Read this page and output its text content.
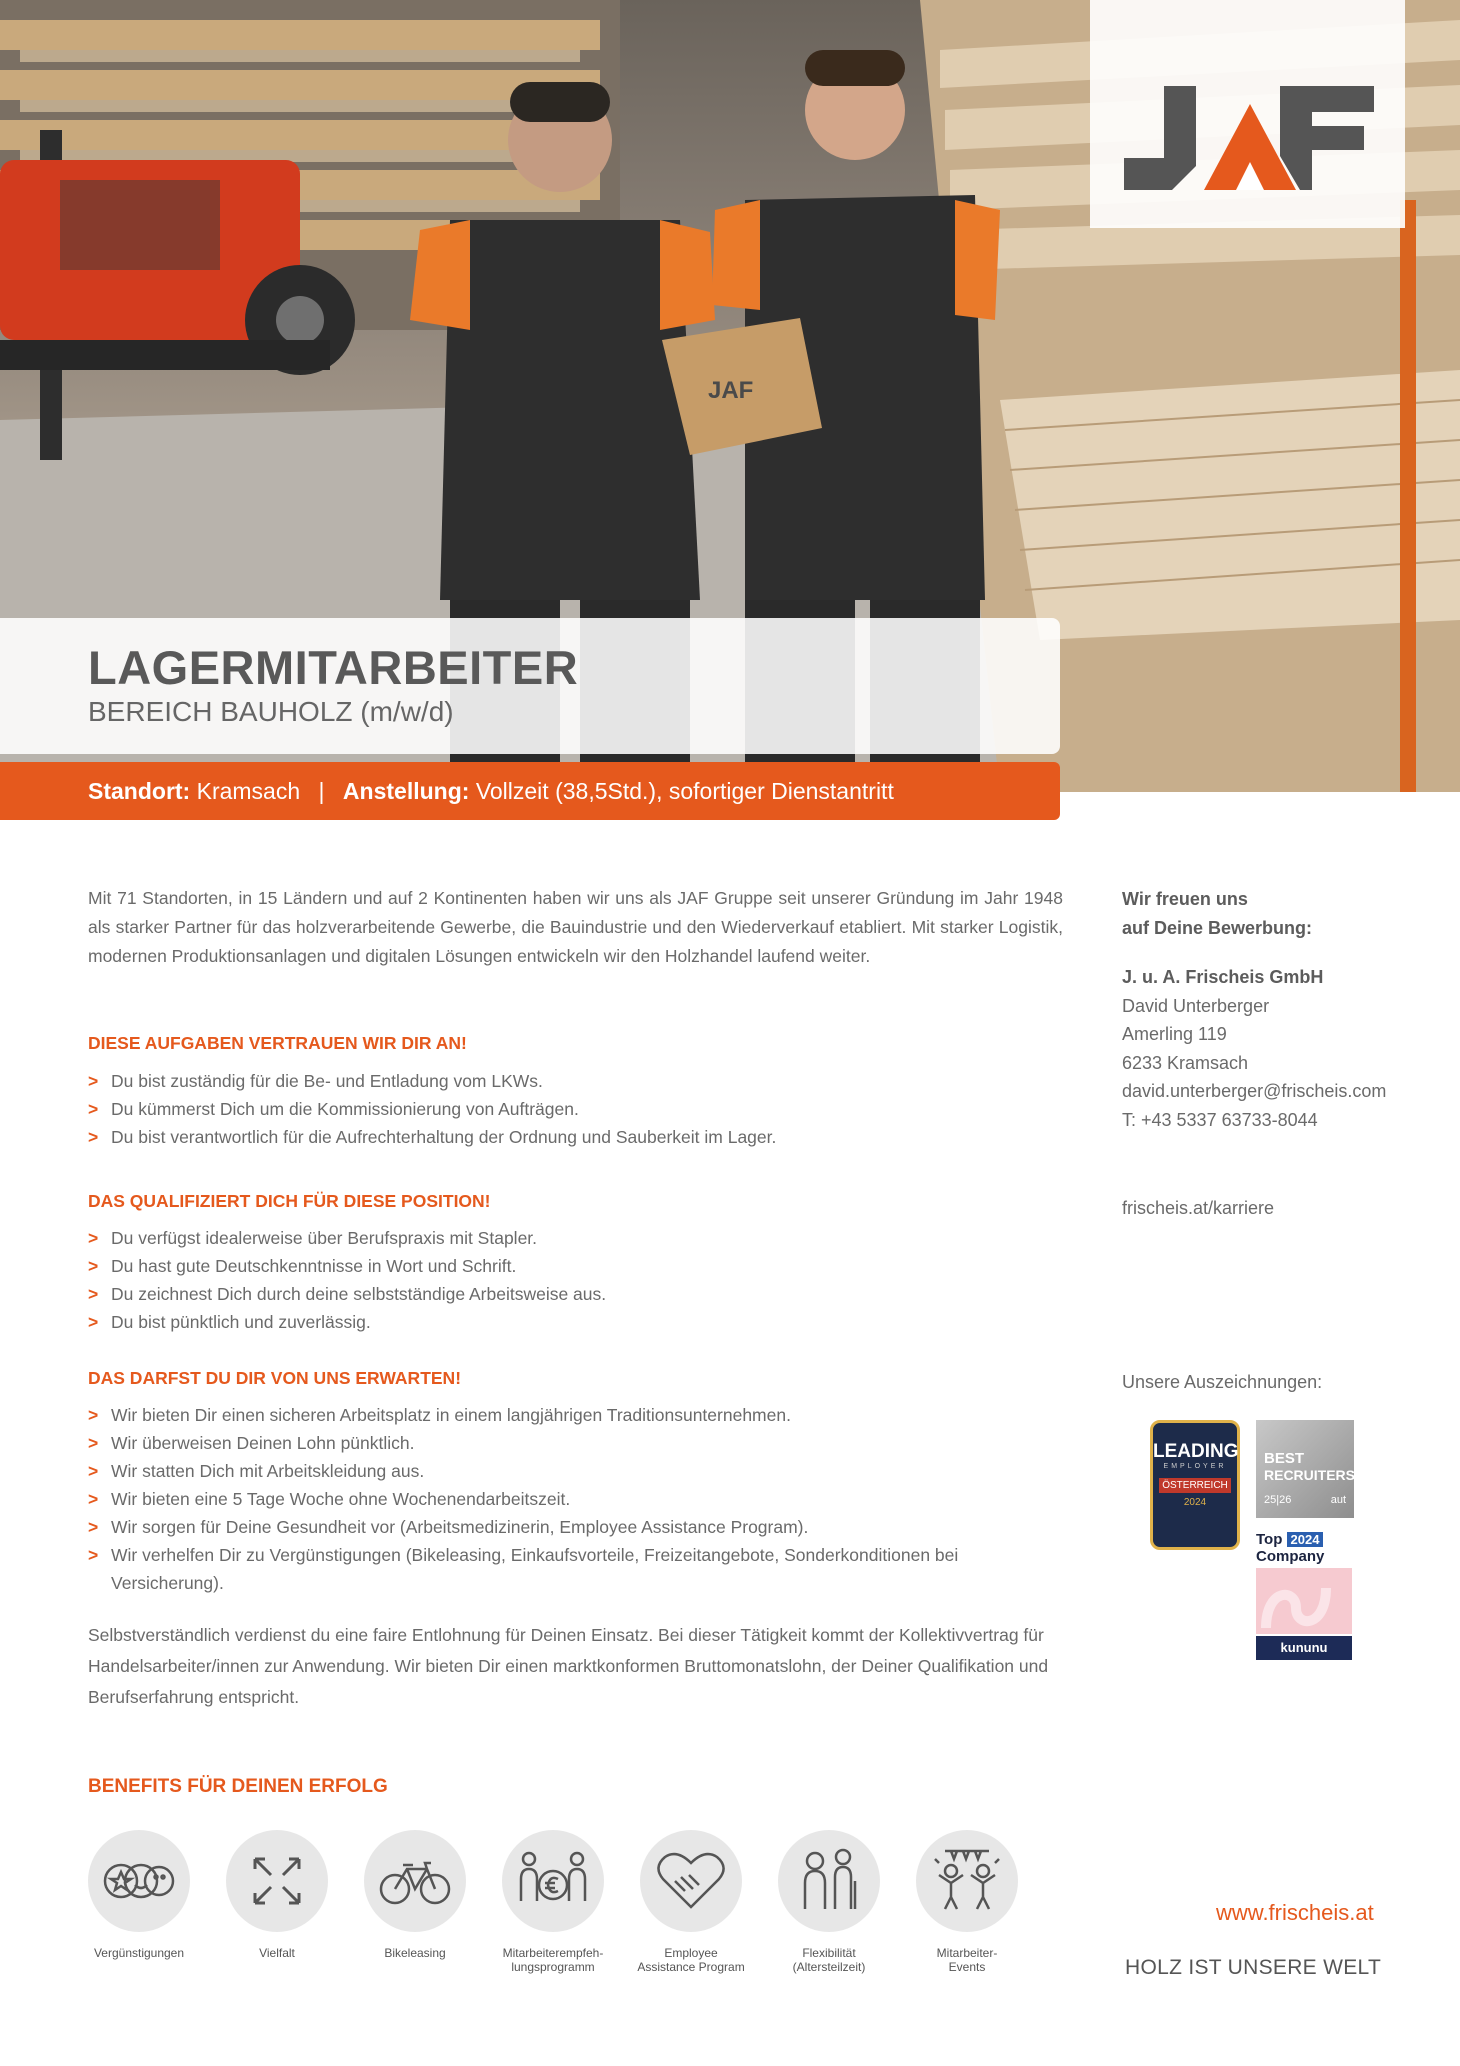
JAF
LAGERMITARBEITER
BEREICH BAUHOLZ (m/w/d)
Standort: Kramsach | Anstellung: Vollzeit (38,5Std.), sofortiger Dienstantritt

Mit 71 Standorten, in 15 Ländern und auf 2 Kontinenten haben wir uns als JAF Gruppe seit unserer Gründung im Jahr 1948 als starker Partner für das holzverarbeitende Gewerbe, die Bauindustrie und den Wiederverkauf etabliert. Mit starker Logistik, modernen Produktionsanlagen und digitalen Lösungen entwickeln wir den Holzhandel laufend weiter.

DIESE AUFGABEN VERTRAUEN WIR DIR AN!
> Du bist zuständig für die Be- und Entladung vom LKWs.
> Du kümmerst Dich um die Kommissionierung von Aufträgen.
> Du bist verantwortlich für die Aufrechterhaltung der Ordnung und Sauberkeit im Lager.
DAS QUALIFIZIERT DICH FÜR DIESE POSITION!
> Du verfügst idealerweise über Berufspraxis mit Stapler.
> Du hast gute Deutschkenntnisse in Wort und Schrift.
> Du zeichnest Dich durch deine selbstständige Arbeitsweise aus.
> Du bist pünktlich und zuverlässig.
DAS DARFST DU DIR VON UNS ERWARTEN!
> Wir bieten Dir einen sicheren Arbeitsplatz in einem langjährigen Traditionsunternehmen.
> Wir überweisen Deinen Lohn pünktlich.
> Wir statten Dich mit Arbeitskleidung aus.
> Wir bieten eine 5 Tage Woche ohne Wochenendarbeitszeit.
> Wir sorgen für Deine Gesundheit vor (Arbeitsmedizinerin, Employee Assistance Program).
> Wir verhelfen Dir zu Vergünstigungen (Bikeleasing, Einkaufsvorteile, Freizeitangebote, Sonderkonditionen bei Versicherung).

Selbstverständlich verdienst du eine faire Entlohnung für Deinen Einsatz. Bei dieser Tätigkeit kommt der Kollektivvertrag für Handelsarbeiter/innen zur Anwendung. Wir bieten Dir einen marktkonformen Bruttomonatslohn, der Deiner Qualifikation und Berufserfahrung entspricht.

Wir freuen uns
auf Deine Bewerbung:
J. u. A. Frischeis GmbH
David Unterberger
Amerling 119
6233 Kramsach
david.unterberger@frischeis.com
T: +43 5337 63733-8044
frischeis.at/karriere
Unsere Auszeichnungen:
LEADING
EMPLOYER
ÖSTERREICH
2024
BEST
RECRUITERS
25|26	aut
Top 2024
Company
kununu
BENEFITS FÜR DEINEN ERFOLG
Vergünstigungen	Vielfalt	Bikeleasing	Mitarbeiterempfeh-
lungsprogramm
Employee
Assistance Program
Flexibilität
(Altersteilzeit)
Mitarbeiter-
Events
www.frischeis.at
HOLZ IST UNSERE WELT
